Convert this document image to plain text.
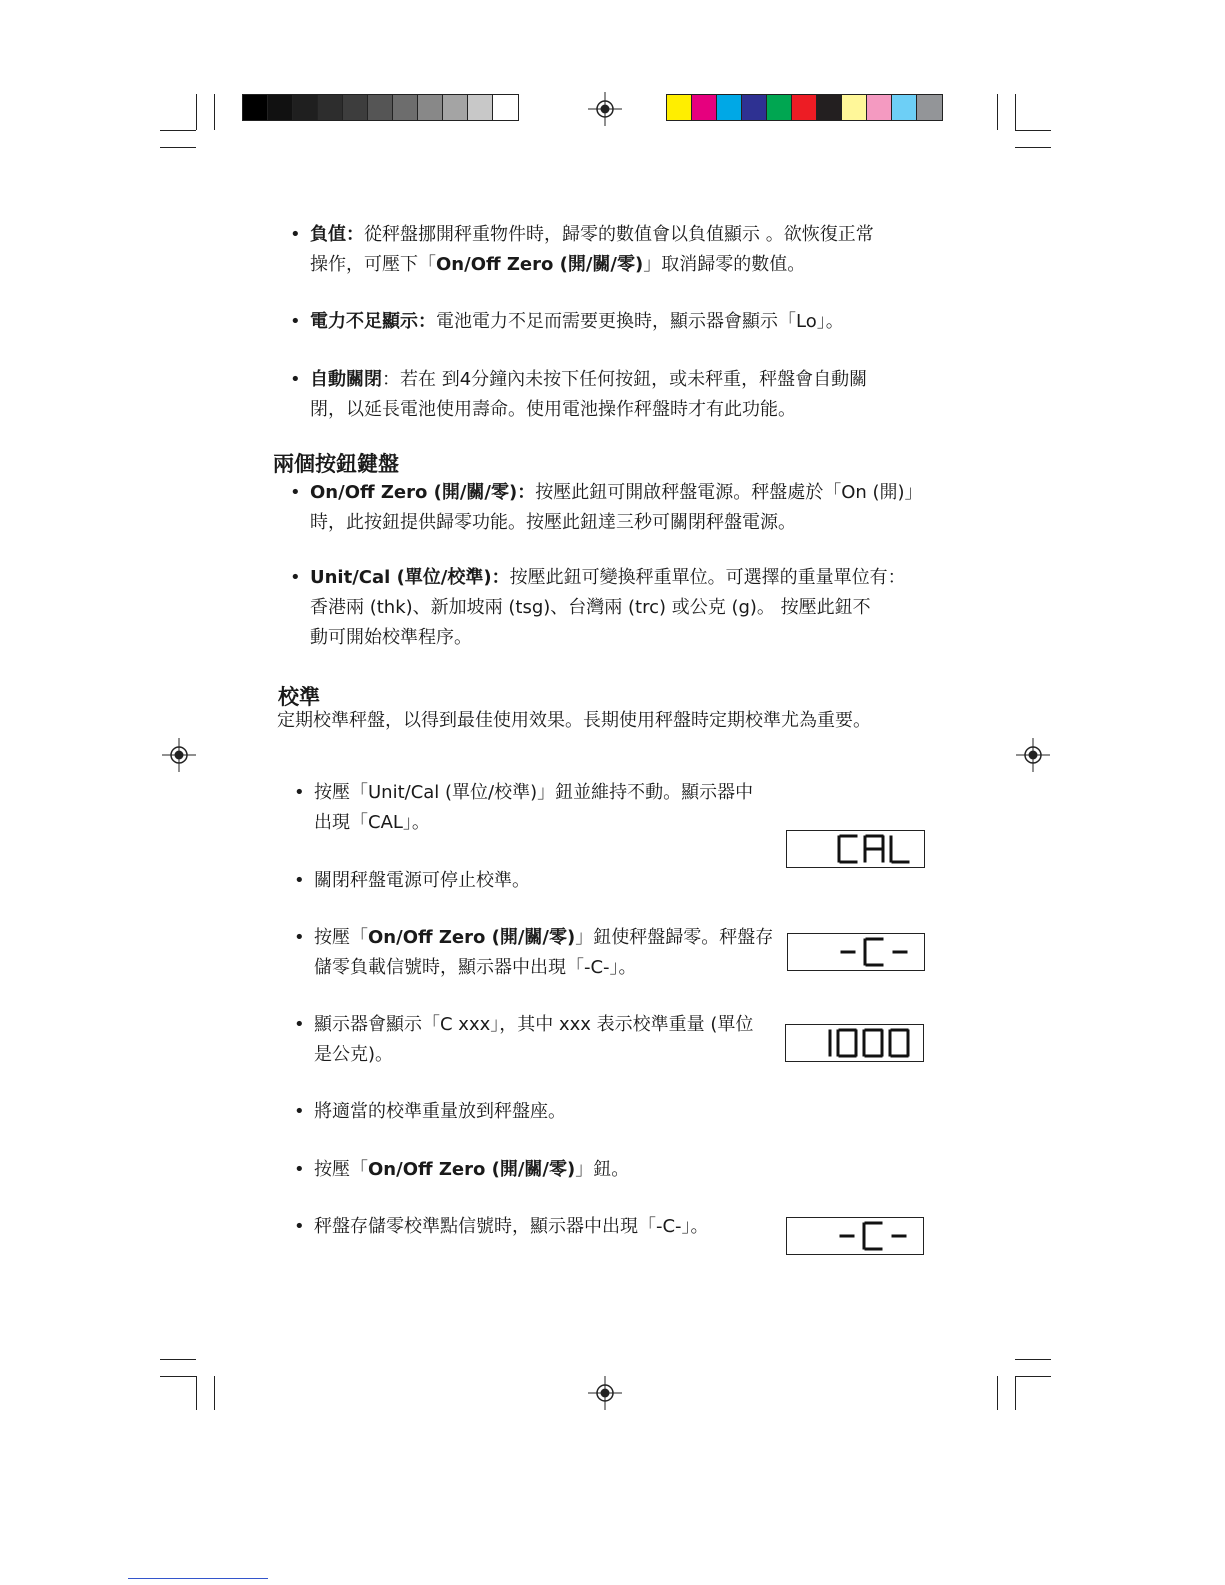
• 負值：從秤盤挪開秤重物件時，歸零的數值會以負值顯示 。欲恢復正常
操作，可壓下「On/Off Zero (開/關/零)」取消歸零的數值。
• 電力不足顯示：電池電力不足而需要更換時，顯示器會顯示「Lo」。
• 自動關閉：若在 到4分鐘內未按下任何按鈕，或未秤重，秤盤會自動關
閉，以延長電池使用壽命。使用電池操作秤盤時才有此功能。
兩個按鈕鍵盤
• On/Off Zero (開/關/零)：按壓此鈕可開啟秤盤電源。秤盤處於「On (開)」
時，此按鈕提供歸零功能。按壓此鈕達三秒可關閉秤盤電源。
• Unit/Cal (單位/校準)：按壓此鈕可變換秤重單位。可選擇的重量單位有：
香港兩 (thk)、新加坡兩 (tsg)、台灣兩 (trc) 或公克 (g)。 按壓此鈕不
動可開始校準程序。
校準
定期校準秤盤，以得到最佳使用效果。長期使用秤盤時定期校準尤為重要。
• 按壓「Unit/Cal (單位/校準)」鈕並維持不動。顯示器中
出現「CAL」。
• 關閉秤盤電源可停止校準。
• 按壓「On/Off Zero (開/關/零)」鈕使秤盤歸零。秤盤存
儲零負載信號時，顯示器中出現「-C-」。
• 顯示器會顯示「C xxx」，其中 xxx 表示校準重量 (單位
是公克)。
• 將適當的校準重量放到秤盤座。
• 按壓「On/Off Zero (開/關/零)」鈕。
• 秤盤存儲零校準點信號時，顯示器中出現「-C-」。
